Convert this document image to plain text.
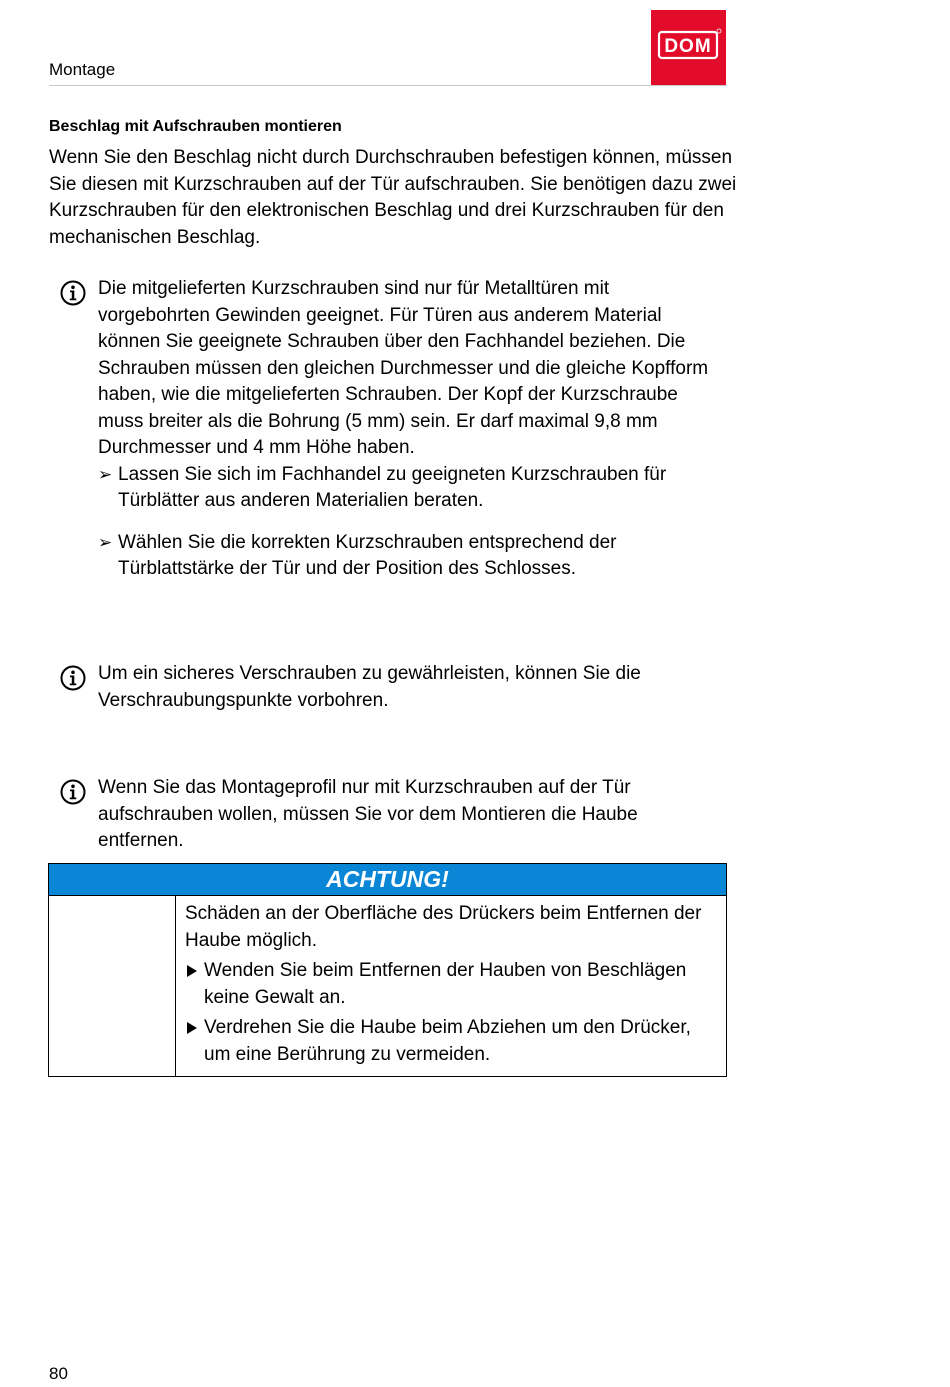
Montage
DOM
Beschlag mit Aufschrauben montieren
Wenn Sie den Beschlag nicht durch Durchschrauben befestigen können, müssen Sie diesen mit Kurzschrauben auf der Tür aufschrauben. Sie benötigen dazu zwei Kurzschrauben für den elektronischen Beschlag und drei Kurzschrauben für den mechanischen Beschlag.
Die mitgelieferten Kurzschrauben sind nur für Metalltüren mit vorgebohrten Gewinden geeignet. Für Türen aus anderem Material können Sie geeignete Schrauben über den Fachhandel beziehen. Die Schrauben müssen den gleichen Durchmesser und die gleiche Kopfform haben, wie die mitgelieferten Schrauben. Der Kopf der Kurzschraube muss breiter als die Bohrung (5 mm) sein. Er darf maximal 9,8 mm Durchmesser und 4 mm Höhe haben.
➢ Lassen Sie sich im Fachhandel zu geeigneten Kurzschrauben für Türblätter aus anderen Materialien beraten.
➢ Wählen Sie die korrekten Kurzschrauben entsprechend der Türblattstärke der Tür und der Position des Schlosses.
Um ein sicheres Verschrauben zu gewährleisten, können Sie die Verschraubungspunkte vorbohren.
Wenn Sie das Montageprofil nur mit Kurzschrauben auf der Tür aufschrauben wollen, müssen Sie vor dem Montieren die Haube entfernen.
ACHTUNG!
Schäden an der Oberfläche des Drückers beim Entfernen der Haube möglich.
Wenden Sie beim Entfernen der Hauben von Beschlägen keine Gewalt an.
Verdrehen Sie die Haube beim Abziehen um den Drücker, um eine Berührung zu vermeiden.
80
